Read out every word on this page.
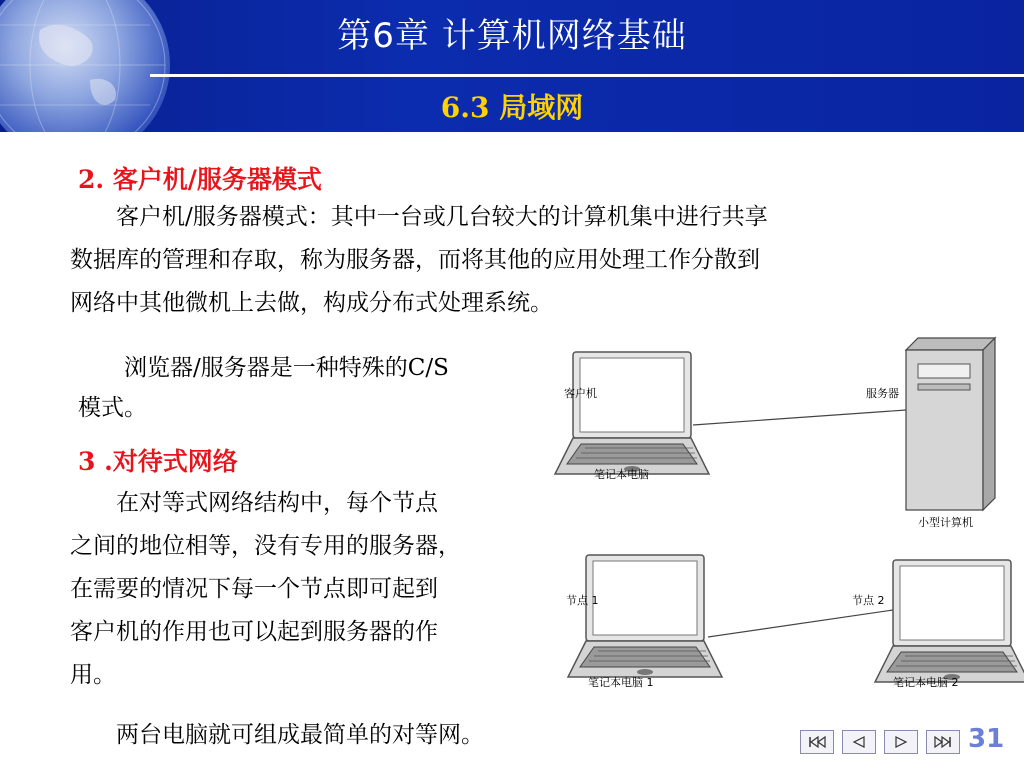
第6章 计算机网络基础
6.3 局域网
2. 客户机/服务器模式
　　客户机/服务器模式：其中一台或几台较大的计算机集中进行共享
数据库的管理和存取，称为服务器，而将其他的应用处理工作分散到
网络中其他微机上去做，构成分布式处理系统。
　　浏览器/服务器是一种特殊的C/S
模式。
3 .对待式网络
　　在对等式网络结构中，每个节点
之间的地位相等，没有专用的服务器，
在需要的情况下每一个节点即可起到
客户机的作用也可以起到服务器的作
用。
　　两台电脑就可组成最简单的对等网。
客户机
笔记本电脑
服务器
小型计算机
节点 1
笔记本电脑 1
节点 2
笔记本电脑 2
31
